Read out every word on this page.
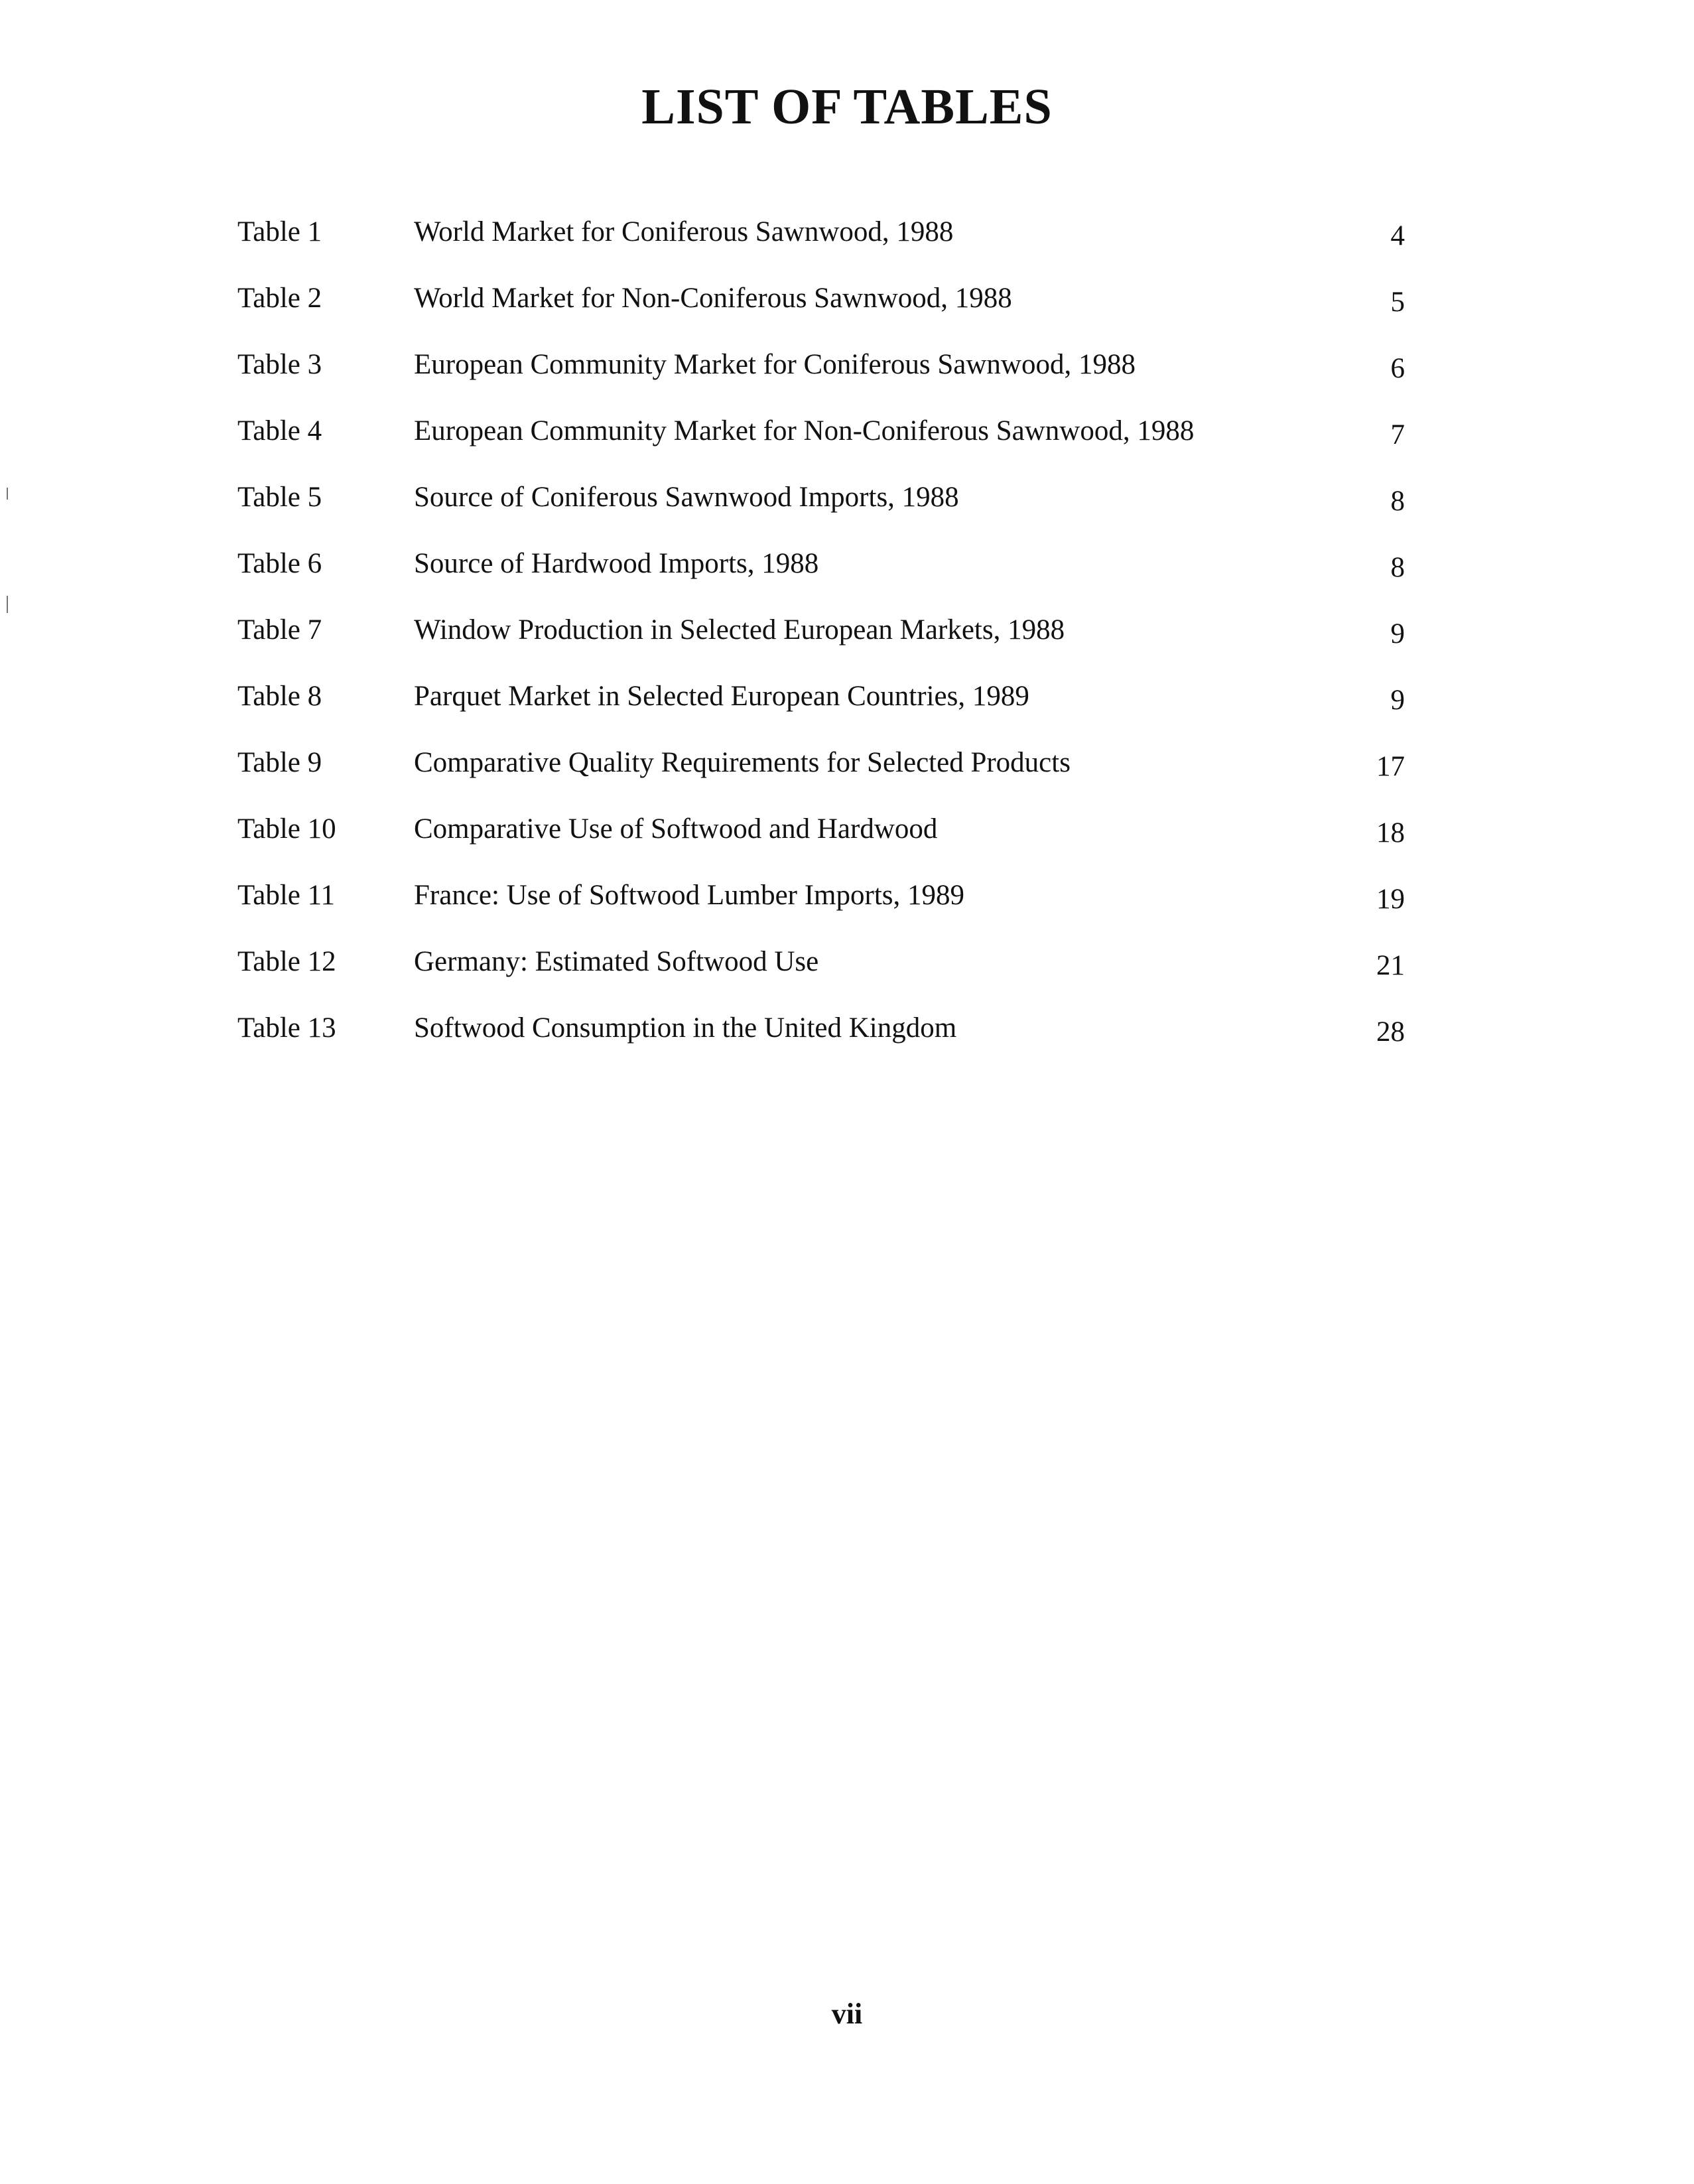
LIST OF TABLES
Table 1	World Market for Coniferous Sawnwood, 1988	4
Table 2	World Market for Non-Coniferous Sawnwood, 1988	5
Table 3	European Community Market for Coniferous Sawnwood, 1988	6
Table 4	European Community Market for Non-Coniferous Sawnwood, 1988	7
Table 5	Source of Coniferous Sawnwood Imports, 1988	8
Table 6	Source of Hardwood Imports, 1988	8
Table 7	Window Production in Selected European Markets, 1988	9
Table 8	Parquet Market in Selected European Countries, 1989	9
Table 9	Comparative Quality Requirements for Selected Products	17
Table 10	Comparative Use of Softwood and Hardwood	18
Table 11	France: Use of Softwood Lumber Imports, 1989	19
Table 12	Germany: Estimated Softwood Use	21
Table 13	Softwood Consumption in the United Kingdom	28
vii
